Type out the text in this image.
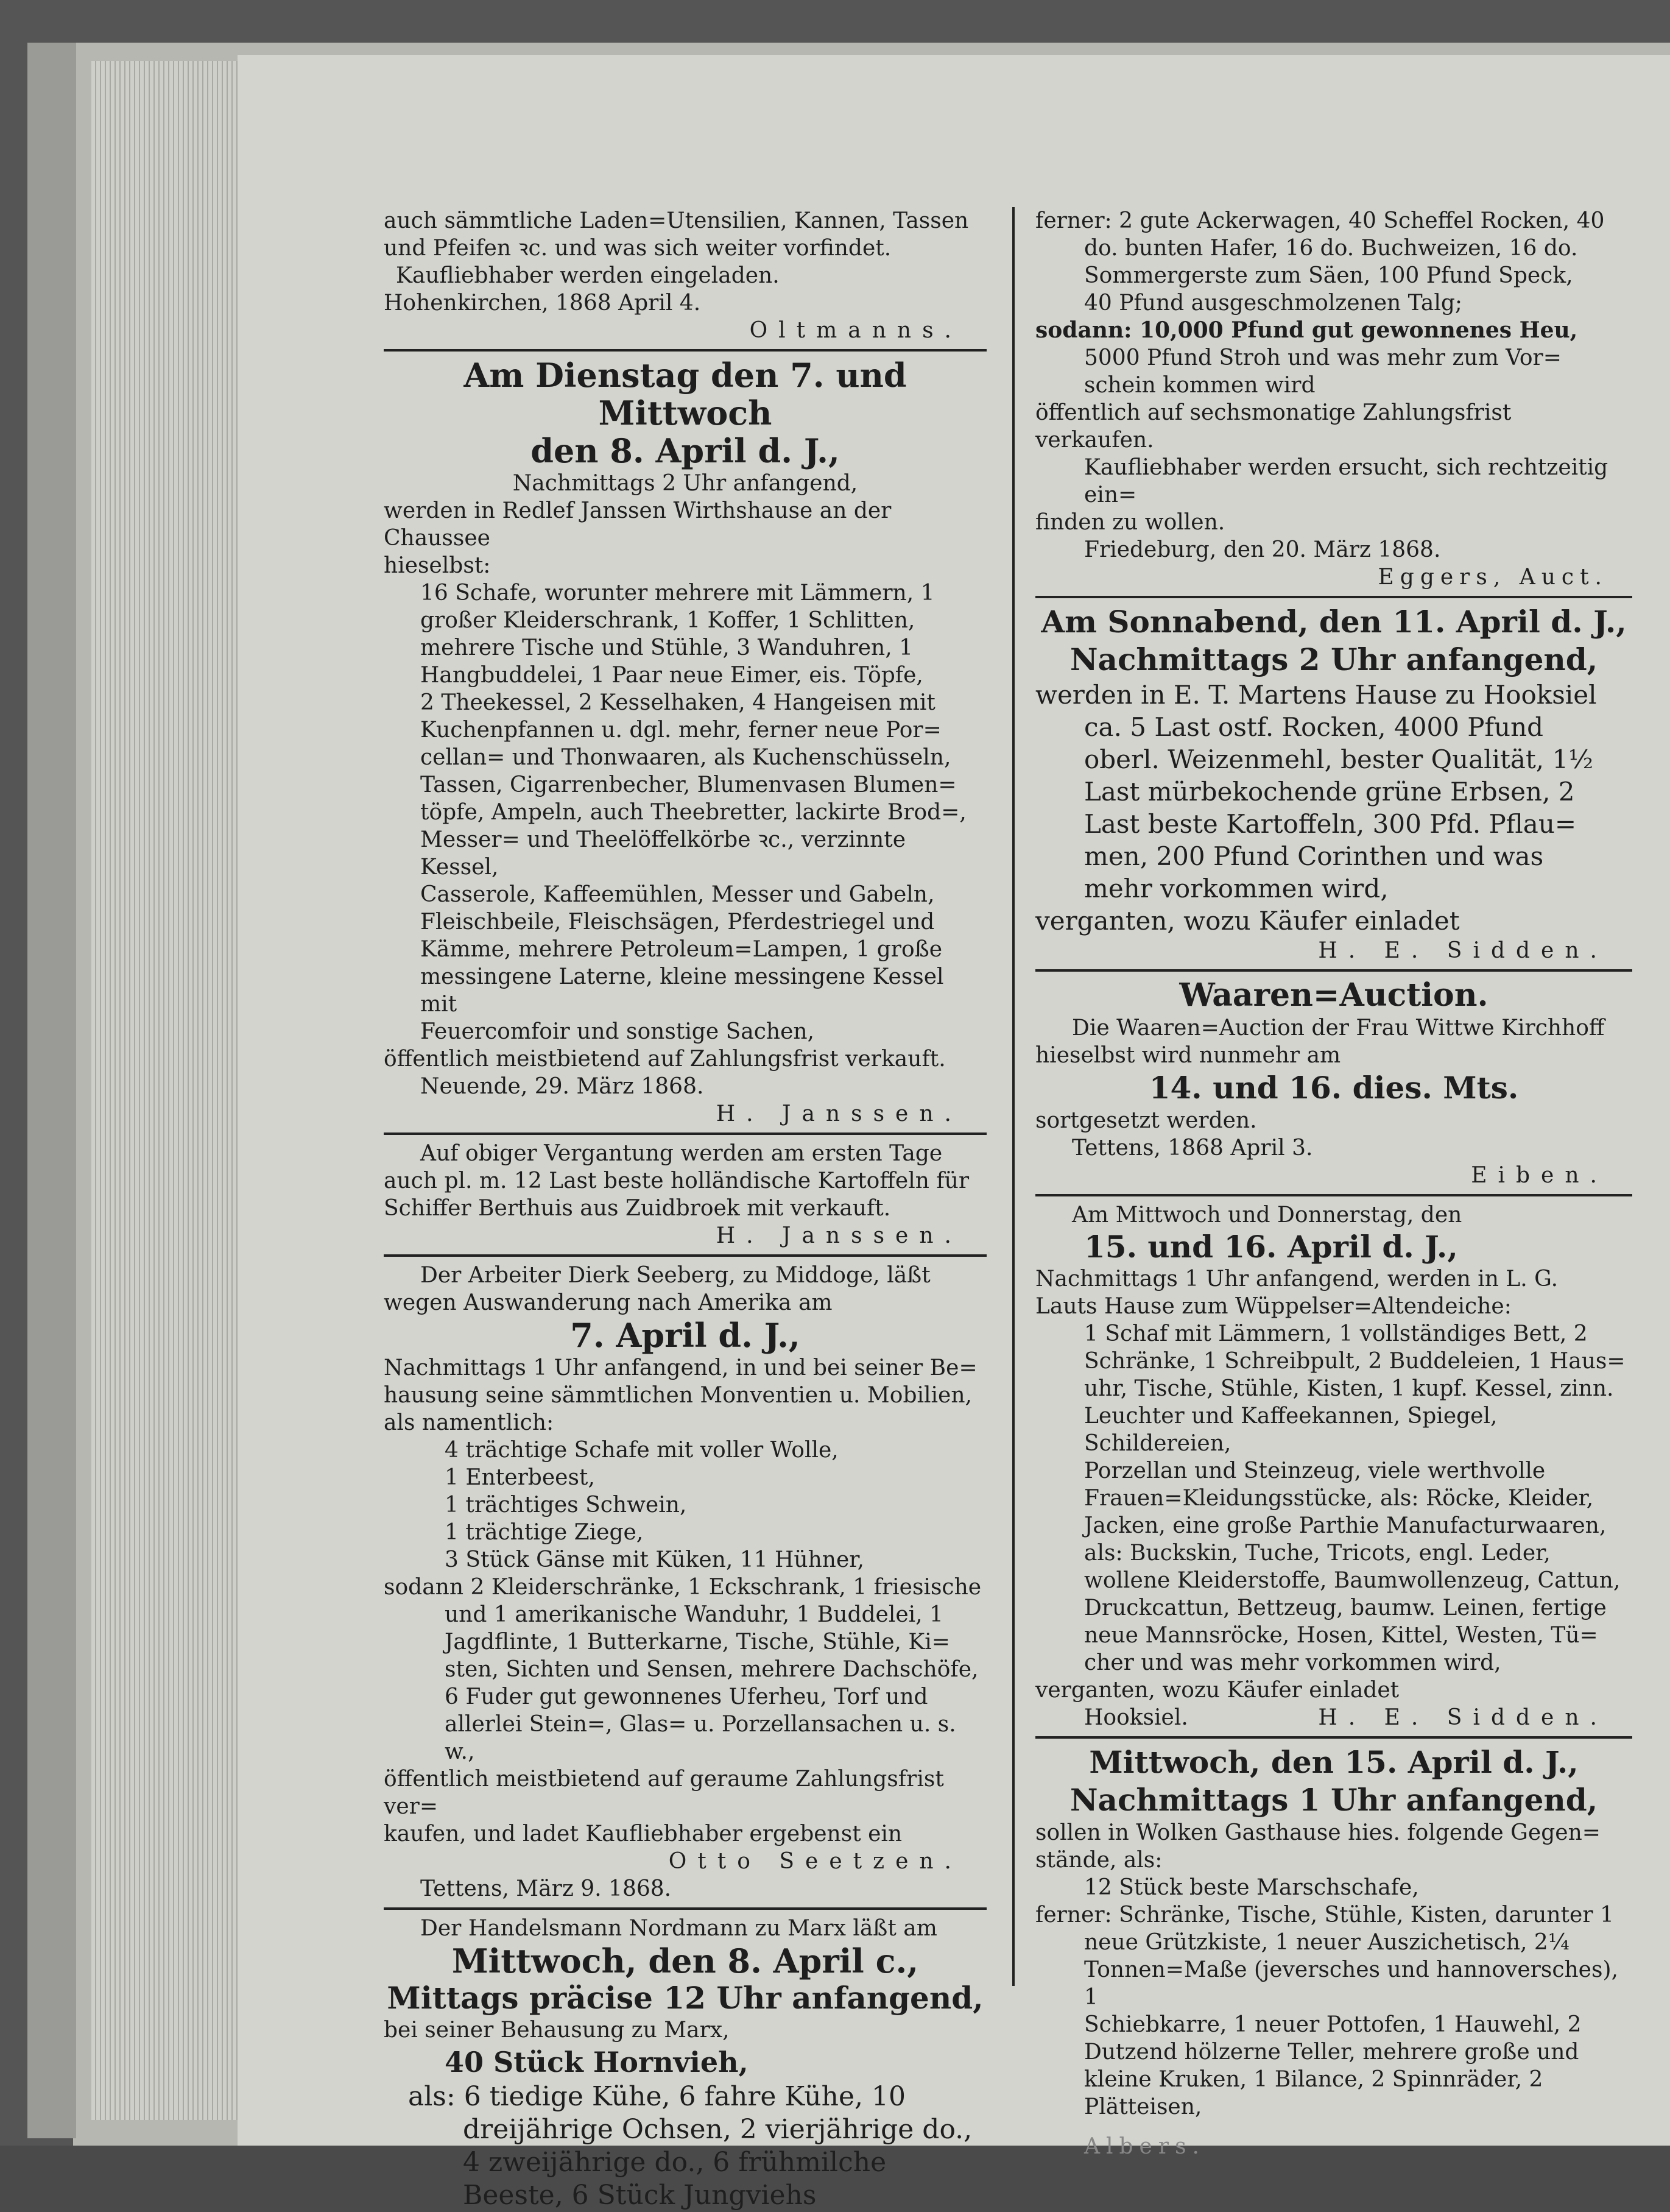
auch sämmtliche Laden=Utensilien, Kannen, Tassen

und Pfeifen ꝛc. und was sich weiter vorfindet.

Kaufliebhaber werden eingeladen.

Hohenkirchen, 1868 April 4.

Oltmanns.

Am Dienstag den 7. und Mittwoch

den 8. April d. J.,

Nachmittags 2 Uhr anfangend,

werden in Redlef Janssen Wirthshause an der Chaussee

hieselbst:

16 Schafe, worunter mehrere mit Lämmern, 1

großer Kleiderschrank, 1 Koffer, 1 Schlitten,

mehrere Tische und Stühle, 3 Wanduhren, 1

Hangbuddelei, 1 Paar neue Eimer, eis. Töpfe,

2 Theekessel, 2 Kesselhaken, 4 Hangeisen mit

Kuchenpfannen u. dgl. mehr, ferner neue Por=

cellan= und Thonwaaren, als Kuchenschüsseln,

Tassen, Cigarrenbecher, Blumenvasen Blumen=

töpfe, Ampeln, auch Theebretter, lackirte Brod=,

Messer= und Theelöffelkörbe ꝛc., verzinnte Kessel,

Casserole, Kaffeemühlen, Messer und Gabeln,

Fleischbeile, Fleischsägen, Pferdestriegel und

Kämme, mehrere Petroleum=Lampen, 1 große

messingene Laterne, kleine messingene Kessel mit

Feuercomfoir und sonstige Sachen,

öffentlich meistbietend auf Zahlungsfrist verkauft.

Neuende, 29. März 1868.

H. Janssen.

Auf obiger Vergantung werden am ersten Tage

auch pl. m. 12 Last beste holländische Kartoffeln für

Schiffer Berthuis aus Zuidbroek mit verkauft.

H. Janssen.

Der Arbeiter Dierk Seeberg, zu Middoge, läßt

wegen Auswanderung nach Amerika am

7. April d. J.,

Nachmittags 1 Uhr anfangend, in und bei seiner Be=

hausung seine sämmtlichen Monventien u. Mobilien,

als namentlich:

4 trächtige Schafe mit voller Wolle,

1 Enterbeest,

1 trächtiges Schwein,

1 trächtige Ziege,

3 Stück Gänse mit Küken, 11 Hühner,

sodann 2 Kleiderschränke, 1 Eckschrank, 1 friesische

und 1 amerikanische Wanduhr, 1 Buddelei, 1

Jagdflinte, 1 Butterkarne, Tische, Stühle, Ki=

sten, Sichten und Sensen, mehrere Dachschöfe,

6 Fuder gut gewonnenes Uferheu, Torf und

allerlei Stein=, Glas= u. Porzellansachen u. s. w.,

öffentlich meistbietend auf geraume Zahlungsfrist ver=

kaufen, und ladet Kaufliebhaber ergebenst ein

Otto Seetzen.

Tettens, März 9. 1868.

Der Handelsmann Nordmann zu Marx läßt am

Mittwoch, den 8. April c.,

Mittags präcise 12 Uhr anfangend,

bei seiner Behausung zu Marx,

40 Stück Hornvieh,

als: 6 tiedige Kühe, 6 fahre Kühe, 10

dreijährige Ochsen, 2 vierjährige do.,

4 zweijährige do., 6 frühmilche

Beeste, 6 Stück Jungviehs

ferner: 2 gute Ackerwagen, 40 Scheffel Rocken, 40

do. bunten Hafer, 16 do. Buchweizen, 16 do.

Sommergerste zum Säen, 100 Pfund Speck,

40 Pfund ausgeschmolzenen Talg;

sodann: 10,000 Pfund gut gewonnenes Heu,

5000 Pfund Stroh und was mehr zum Vor=

schein kommen wird

öffentlich auf sechsmonatige Zahlungsfrist verkaufen.

Kaufliebhaber werden ersucht, sich rechtzeitig ein=

finden zu wollen.

Friedeburg, den 20. März 1868.

Eggers, Auct.

Am Sonnabend, den 11. April d. J.,

Nachmittags 2 Uhr anfangend,

werden in E. T. Martens Hause zu Hooksiel

ca. 5 Last ostf. Rocken, 4000 Pfund

oberl. Weizenmehl, bester Qualität, 1½

Last mürbekochende grüne Erbsen, 2

Last beste Kartoffeln, 300 Pfd. Pflau=

men, 200 Pfund Corinthen und was

mehr vorkommen wird,

verganten, wozu Käufer einladet

H. E. Sidden.

Waaren=Auction.

Die Waaren=Auction der Frau Wittwe Kirchhoff

hieselbst wird nunmehr am

14. und 16. dies. Mts.

sortgesetzt werden.

Tettens, 1868 April 3.

Eiben.

Am Mittwoch und Donnerstag, den

15. und 16. April d. J.,

Nachmittags 1 Uhr anfangend, werden in L. G.

Lauts Hause zum Wüppelser=Altendeiche:

1 Schaf mit Lämmern, 1 vollständiges Bett, 2

Schränke, 1 Schreibpult, 2 Buddeleien, 1 Haus=

uhr, Tische, Stühle, Kisten, 1 kupf. Kessel, zinn.

Leuchter und Kaffeekannen, Spiegel, Schildereien,

Porzellan und Steinzeug, viele werthvolle

Frauen=Kleidungsstücke, als: Röcke, Kleider,

Jacken, eine große Parthie Manufacturwaaren,

als: Buckskin, Tuche, Tricots, engl. Leder,

wollene Kleiderstoffe, Baumwollenzeug, Cattun,

Druckcattun, Bettzeug, baumw. Leinen, fertige

neue Mannsröcke, Hosen, Kittel, Westen, Tü=

cher und was mehr vorkommen wird,

verganten, wozu Käufer einladet

Hooksiel.	H. E. Sidden.

Mittwoch, den 15. April d. J.,

Nachmittags 1 Uhr anfangend,

sollen in Wolken Gasthause hies. folgende Gegen=

stände, als:

12 Stück beste Marschschafe,

ferner: Schränke, Tische, Stühle, Kisten, darunter 1

neue Grützkiste, 1 neuer Auszichetisch, 2¼

Tonnen=Maße (jeversches und hannoversches), 1

Schiebkarre, 1 neuer Pottofen, 1 Hauwehl, 2

Dutzend hölzerne Teller, mehrere große und

kleine Kruken, 1 Bilance, 2 Spinnräder, 2

Plätteisen,

Albers.
